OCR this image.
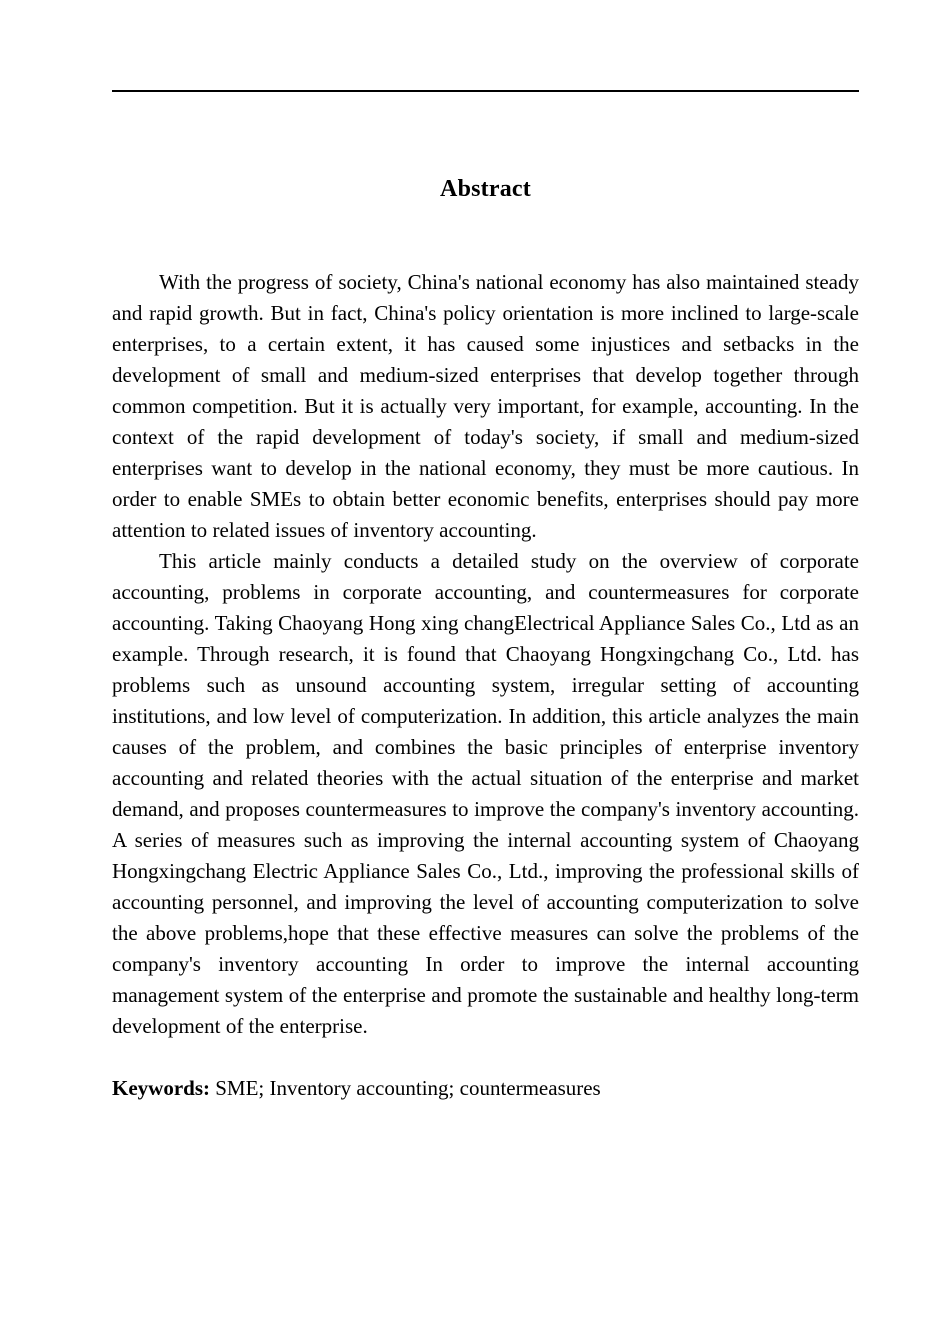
Abstract

With the progress of society, China's national economy has also maintained steady and rapid growth. But in fact, China's policy orientation is more inclined to large-scale enterprises, to a certain extent, it has caused some injustices and setbacks in the development of small and medium-sized enterprises that develop together through common competition. But it is actually very important, for example, accounting. In the context of the rapid development of today's society, if small and medium-sized enterprises want to develop in the national economy, they must be more cautious. In order to enable SMEs to obtain better economic benefits, enterprises should pay more attention to related issues of inventory accounting.

This article mainly conducts a detailed study on the overview of corporate accounting, problems in corporate accounting, and countermeasures for corporate accounting. Taking Chaoyang Hong xing changElectrical Appliance Sales Co., Ltd as an example. Through research, it is found that Chaoyang Hongxingchang Co., Ltd. has problems such as unsound accounting system, irregular setting of accounting institutions, and low level of computerization. In addition, this article analyzes the main causes of the problem, and combines the basic principles of enterprise inventory accounting and related theories with the actual situation of the enterprise and market demand, and proposes countermeasures to improve the company's inventory accounting. A series of measures such as improving the internal accounting system of Chaoyang Hongxingchang Electric Appliance Sales Co., Ltd., improving the professional skills of accounting personnel, and improving the level of accounting computerization to solve the above problems,hope that these effective measures can solve the problems of the company's inventory accounting In order to improve the internal accounting management system of the enterprise and promote the sustainable and healthy long-term development of the enterprise.

Keywords: SME; Inventory accounting; countermeasures
